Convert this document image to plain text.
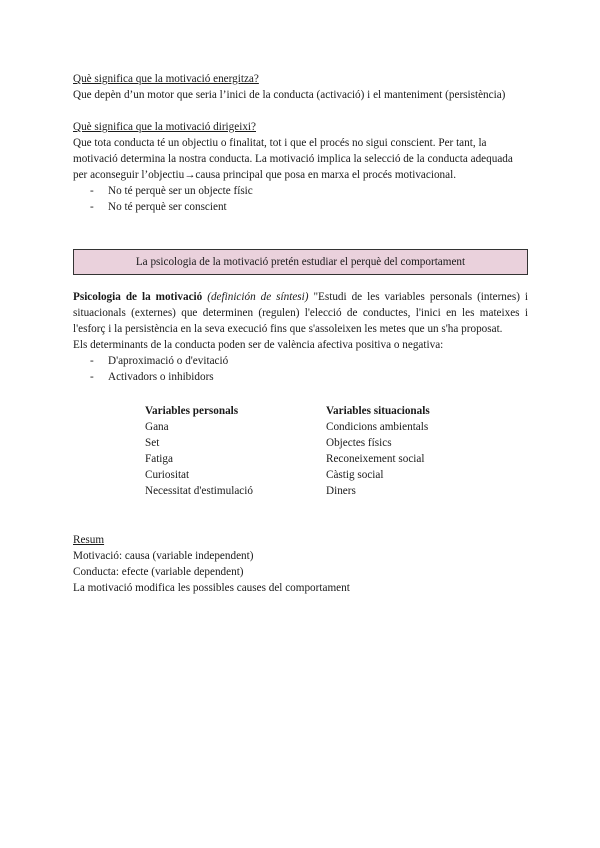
Què significa que la motivació energitza?

Que depèn d’un motor que seria l’inici de la conducta (activació) i el manteniment (persistència)

Què significa que la motivació dirigeixi?

Que tota conducta té un objectiu o finalitat, tot i que el procés no sigui conscient. Per tant, la motivació determina la nostra conducta. La motivació implica la selecció de la conducta adequada per aconseguir l’objectiu→causa principal que posa en marxa el procés motivacional.

- No té perquè ser un objecte físic
- No té perquè ser conscient
La psicologia de la motivació pretén estudiar el perquè del comportament

Psicologia de la motivació (definición de síntesi) "Estudi de les variables personals (internes) i situacionals (externes) que determinen (regulen) l'elecció de conductes, l'inici en les mateixes i l'esforç i la persistència en la seva execució fins que s'assoleixen les metes que un s'ha proposat.

Els determinants de la conducta poden ser de valència afectiva positiva o negativa:

- D'aproximació o d'evitació
- Activadors o inhibidors
Variables personals
Gana
Set
Fatiga
Curiositat
Necessitat d'estimulació
Variables situacionals
Condicions ambientals
Objectes físics
Reconeixement social
Càstig social
Diners

Resum

Motivació: causa (variable independent)

Conducta: efecte (variable dependent)

La motivació modifica les possibles causes del comportament
